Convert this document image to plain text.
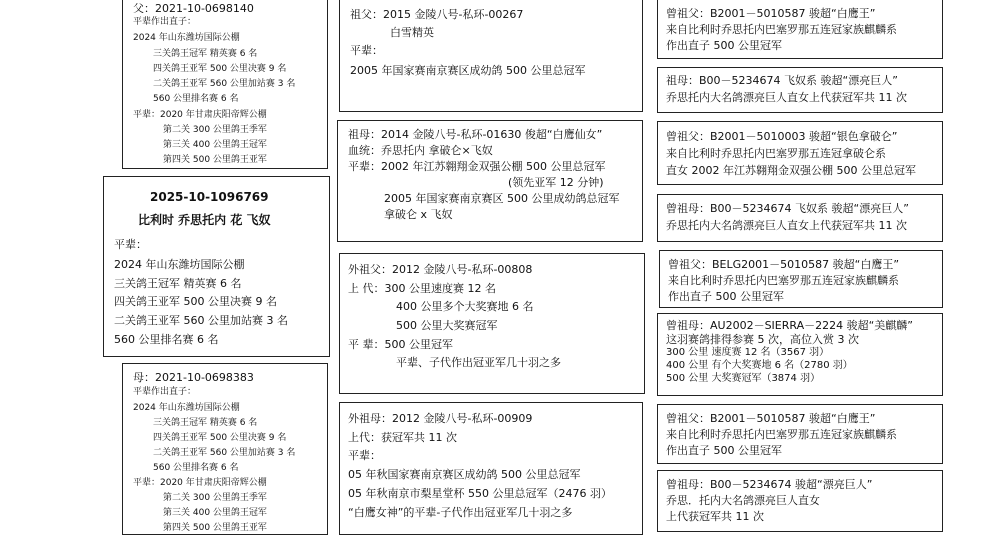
父：2021-10-0698140
平辈作出直子：
2024 年山东潍坊国际公棚
三关鸽王冠军 精英赛 6 名
四关鸽王亚军 500 公里决赛 9 名
二关鸽王亚军 560 公里加站赛 3 名
560 公里排名赛 6 名
平辈：2020 年甘肃庆阳帝辉公棚
第二关 300 公里鸽王季军
第三关 400 公里鸽王冠军
第四关 500 公里鸽王亚军
2025-10-1096769
比利时 乔思托内 花 飞奴
平辈：
2024 年山东潍坊国际公棚
三关鸽王冠军 精英赛 6 名
四关鸽王亚军 500 公里决赛 9 名
二关鸽王亚军 560 公里加站赛 3 名
560 公里排名赛 6 名
母：2021-10-0698383
平辈作出直子：
2024 年山东潍坊国际公棚
三关鸽王冠军 精英赛 6 名
四关鸽王亚军 500 公里决赛 9 名
二关鸽王亚军 560 公里加站赛 3 名
560 公里排名赛 6 名
平辈：2020 年甘肃庆阳帝辉公棚
第二关 300 公里鸽王季军
第三关 400 公里鸽王冠军
第四关 500 公里鸽王亚军
祖父：2015 金陵八号-私环-00267
白雪精英
平辈：
2005 年国家赛南京赛区成幼鸽 500 公里总冠军
祖母：2014 金陵八号-私环-01630 俊超“白鹰仙女”
血统：乔思托内 拿破仑×飞奴
平辈：2002 年江苏翱翔金双强公棚 500 公里总冠军
(领先亚军 12 分钟)
2005 年国家赛南京赛区 500 公里成幼鸽总冠军
拿破仑 x 飞奴
外祖父：2012 金陵八号-私环-00808
上 代：300 公里速度赛 12 名
400 公里多个大奖赛地 6 名
500 公里大奖赛冠军
平 辈：500 公里冠军
平辈、子代作出冠亚军几十羽之多
外祖母：2012 金陵八号-私环-00909
上代：获冠军共 11 次
平辈：
05 年秋国家赛南京赛区成幼鸽 500 公里总冠军
05 年秋南京市梨星堂杯 550 公里总冠军（2476 羽）
“白鹰女神”的平辈-子代作出冠亚军几十羽之多
曾祖父：B2001－5010587 骏超“白鹰王”
来自比利时乔思托内巴塞罗那五连冠家族麒麟系
作出直子 500 公里冠军
祖母：B00－5234674 飞奴系 骏超“漂亮巨人”
乔思托内大名鸽漂亮巨人直女上代获冠军共 11 次
曾祖父：B2001－5010003 骏超“银色拿破仑”
来自比利时乔思托内巴塞罗那五连冠拿破仑系
直女 2002 年江苏翱翔金双强公棚 500 公里总冠军
曾祖母：B00－5234674 飞奴系 骏超“漂亮巨人”
乔思托内大名鸽漂亮巨人直女上代获冠军共 11 次
曾祖父：BELG2001－5010587 骏超“白鹰王”
来自比利时乔思托内巴塞罗那五连冠家族麒麟系
作出直子 500 公里冠军
曾祖母：AU2002－SIERRA－2224 骏超“美麒麟”
这羽赛鸽排得参赛 5 次，高位入赏 3 次
300 公里 速度赛 12 名（3567 羽）
400 公里 有个大奖赛地 6 名（2780 羽）
500 公里 大奖赛冠军（3874 羽）
曾祖父：B2001－5010587 骏超“白鹰王”
来自比利时乔思托内巴塞罗那五连冠家族麒麟系
作出直子 500 公里冠军
曾祖母：B00－5234674 骏超“漂亮巨人”
乔思．托内大名鸽漂亮巨人直女
上代获冠军共 11 次
